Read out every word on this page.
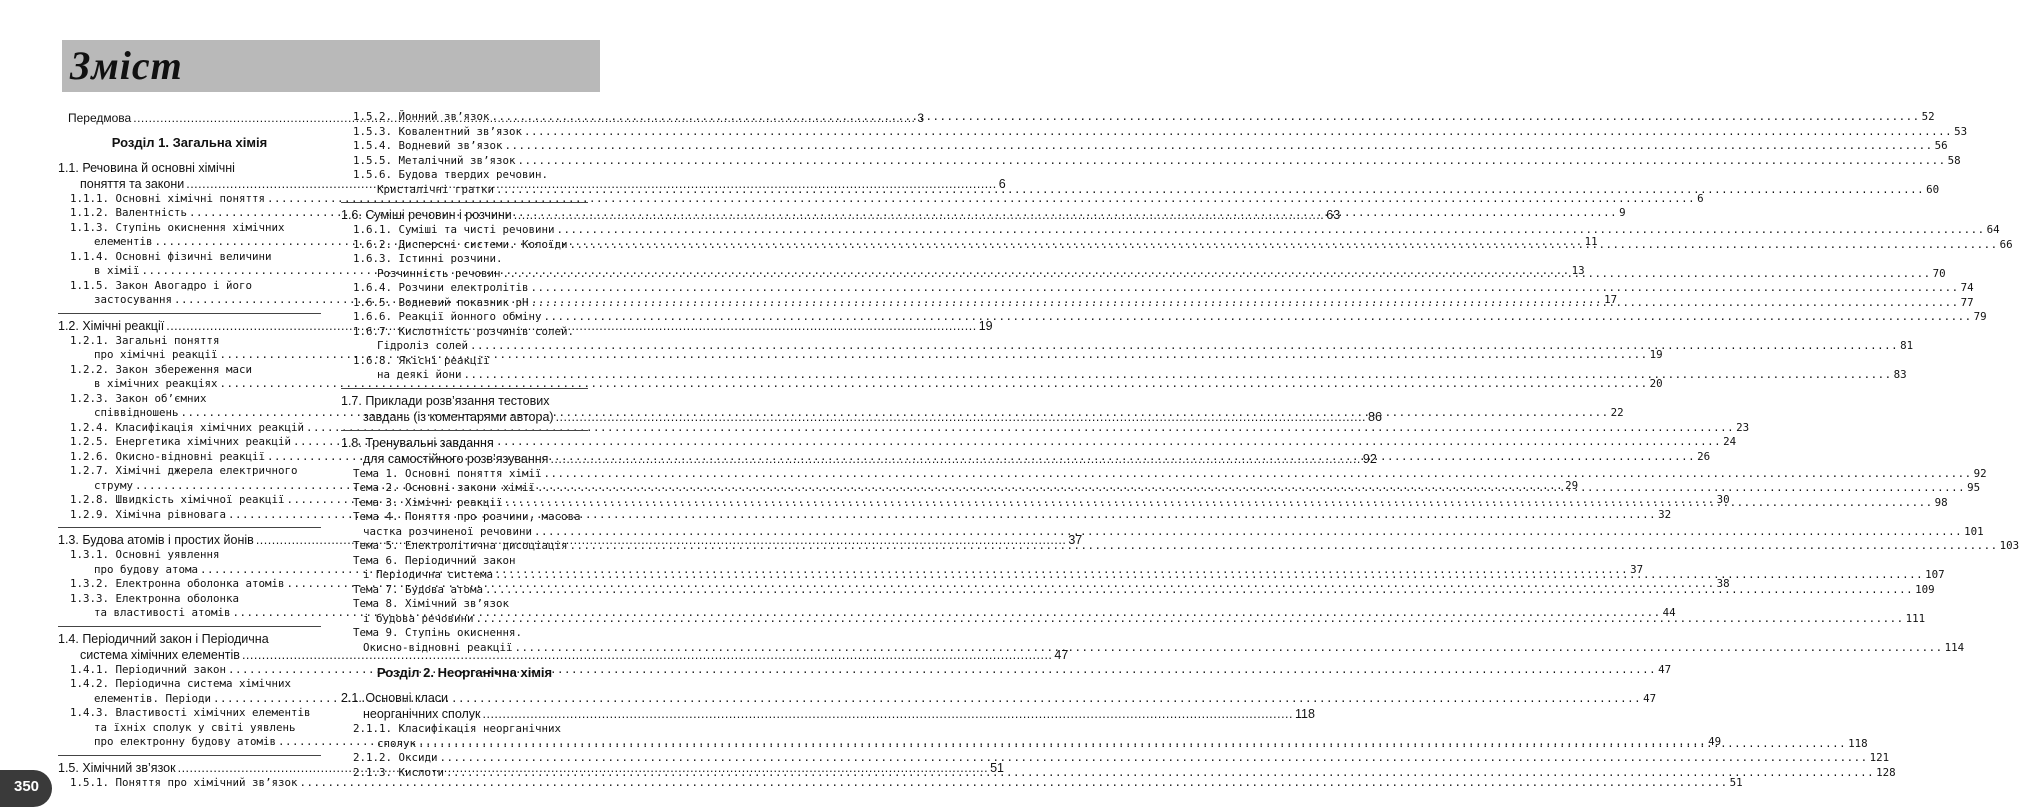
Зміст
Передмова .....	3
Розділ 1. Загальна хімія
1.1. Речовина й основні хімічні
поняття та закони .....	6
1.1.1. Основні хімічні поняття .....	6
1.1.2. Валентність .....	9
1.1.3. Ступінь окиснення хімічних
елементів .....	11
1.1.4. Основні фізичні величини
в хімії .....	13
1.1.5. Закон Авогадро і його
застосування .....	17
1.2. Хімічні реакції .....	19
1.2.1. Загальні поняття
про хімічні реакції .....	19
1.2.2. Закон збереження маси
в хімічних реакціях .....	20
1.2.3. Закон об’ємних
співвідношень .....	22
1.2.4. Класифікація хімічних реакцій .....	23
1.2.5. Енергетика хімічних реакцій .....	24
1.2.6. Окисно-відновні реакції .....	26
1.2.7. Хімічні джерела електричного
струму .....	29
1.2.8. Швидкість хімічної реакції .....	30
1.2.9. Хімічна рівновага .....	32
1.3. Будова атомів і простих йонів .....	37
1.3.1. Основні уявлення
про будову атома .....	37
1.3.2. Електронна оболонка атомів .....	38
1.3.3. Електронна оболонка
та властивості атомів .....	44
1.4. Періодичний закон і Періодична
система хімічних елементів .....	47
1.4.1. Періодичний закон .....	47
1.4.2. Періодична система хімічних
елементів. Періоди .....	47
1.4.3. Властивості хімічних елементів
та їхніх сполук у світі уявлень
про електронну будову атомів .....	49
1.5. Хімічний зв’язок .....	51
1.5.1. Поняття про хімічний зв’язок .....	51
1.5.2. Йонний зв’язок .....	52
1.5.3. Ковалентний зв’язок .....	53
1.5.4. Водневий зв’язок .....	56
1.5.5. Металічний зв’язок .....	58
1.5.6. Будова твердих речовин.
Кристалічні гратки .....	60
1.6. Суміші речовин і розчини .....	63
1.6.1. Суміші та чисті речовини .....	64
1.6.2. Дисперсні системи. Колоїди .....	66
1.6.3. Істинні розчини.
Розчинність речовин .....	70
1.6.4. Розчини електролітів .....	74
1.6.5. Водневий показник pH .....	77
1.6.6. Реакції йонного обміну .....	79
1.6.7. Кислотність розчинів солей.
Гідроліз солей .....	81
1.6.8. Якісні реакції
на деякі йони .....	83
1.7. Приклади розв’язання тестових
завдань (із коментарями автора) .....	86
1.8. Тренувальні завдання
для самостійного розв’язування .....	92
Тема 1. Основні поняття хімії .....	92
Тема 2. Основні закони хімії .....	95
Тема 3. Хімічні реакції .....	98
Тема 4. Поняття про розчини, масова
частка розчиненої речовини .....	101
Тема 5. Електролітична дисоціація .....	103
Тема 6. Періодичний закон
і Періодична система .....	107
Тема 7. Будова атома .....	109
Тема 8. Хімічний зв’язок
і будова речовини .....	111
Тема 9. Ступінь окиснення.
Окисно-відновні реакції .....	114
Розділ 2. Неорганічна хімія
2.1. Основні класи
неорганічних сполук .....	118
2.1.1. Класифікація неорганічних
сполук .....	118
2.1.2. Оксиди .....	121
2.1.3. Кислоти .....	128
350
